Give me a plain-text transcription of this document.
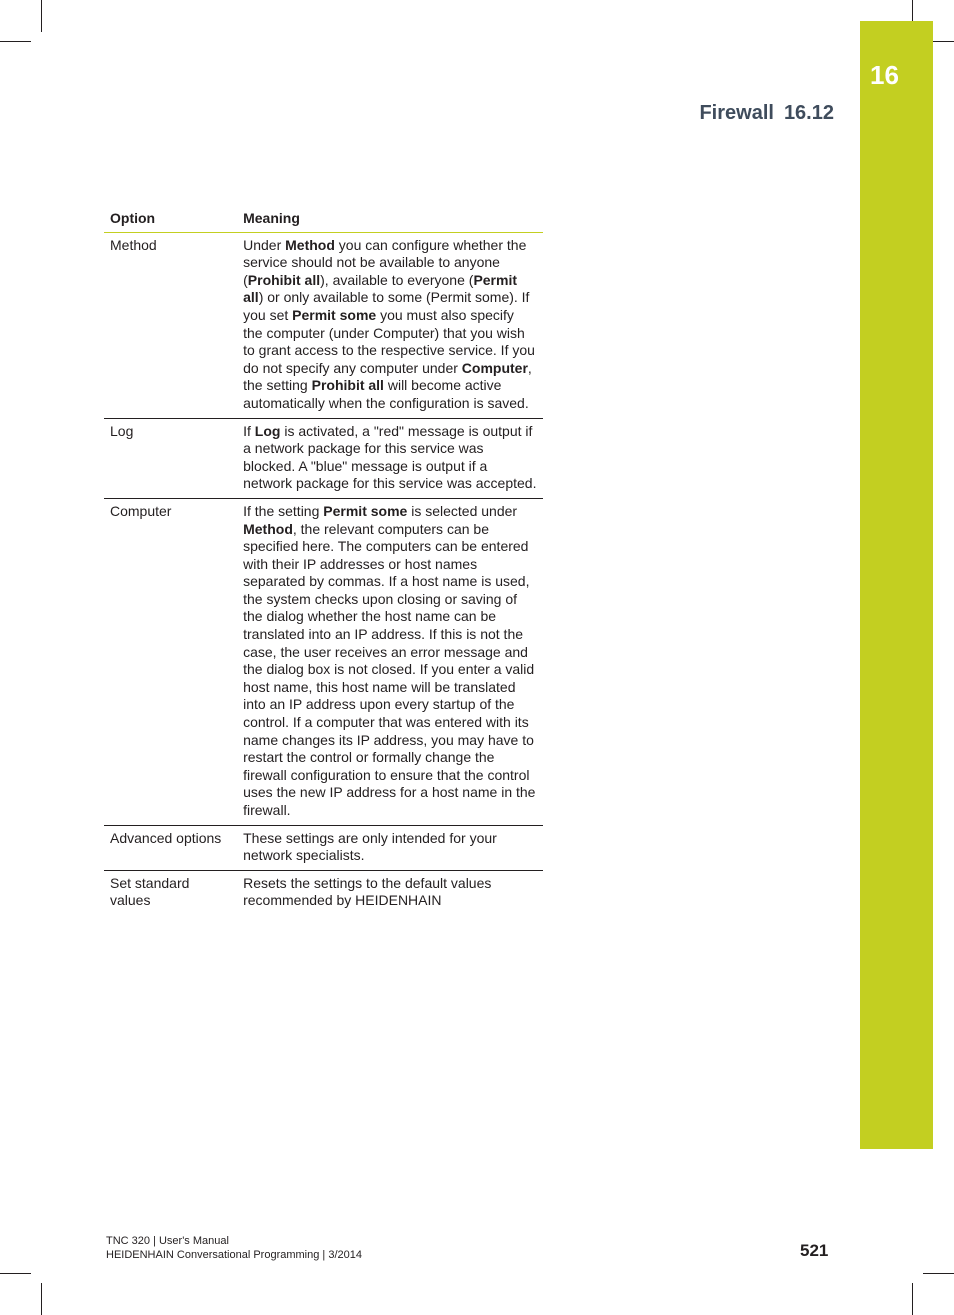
16
Firewall 16.12
Option	Meaning
Method	Under Method you can configure whether the service should not be available to anyone (Prohibit all), available to everyone (Permit all) or only available to some (Permit some). If you set Permit some you must also specify the computer (under Computer) that you wish to grant access to the respective service. If you do not specify any computer under Computer, the setting Prohibit all will become active automatically when the configuration is saved.
Log	If Log is activated, a "red" message is output if a network package for this service was blocked. A "blue" message is output if a network package for this service was accepted.
Computer	If the setting Permit some is selected under Method, the relevant computers can be specified here. The computers can be entered with their IP addresses or host names separated by commas. If a host name is used, the system checks upon closing or saving of the dialog whether the host name can be translated into an IP address. If this is not the case, the user receives an error message and the dialog box is not closed. If you enter a valid host name, this host name will be translated into an IP address upon every startup of the control. If a computer that was entered with its name changes its IP address, you may have to restart the control or formally change the firewall configuration to ensure that the control uses the new IP address for a host name in the firewall.
Advanced options	These settings are only intended for your network specialists.
Set standard values	Resets the settings to the default values recommended by HEIDENHAIN
TNC 320 | User's Manual
HEIDENHAIN Conversational Programming | 3/2014	521
